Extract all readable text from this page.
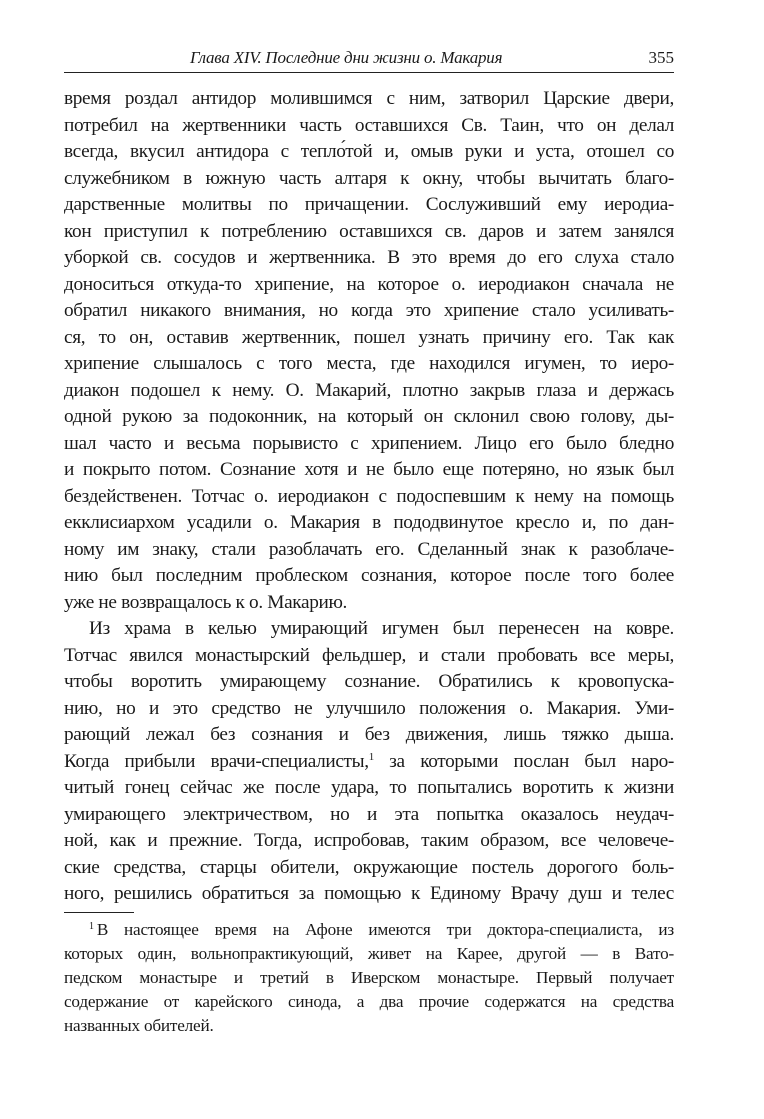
Глава XIV. Последние дни жизни о. Макария	355
время роздал антидор молившимся с ним, затворил Царские двери,
потребил на жертвенники часть оставшихся Св. Таин, что он делал
всегда, вкусил антидора с тепло́той и, омыв руки и уста, отошел со
служебником в южную часть алтаря к окну, чтобы вычитать благо-
дарственные молитвы по причащении. Сослуживший ему иеродиа-
кон приступил к потреблению оставшихся св. даров и затем занялся
уборкой св. сосудов и жертвенника. В это время до его слуха стало
доноситься откуда-то хрипение, на которое о. иеродиакон сначала не
обратил никакого внимания, но когда это хрипение стало усиливать-
ся, то он, оставив жертвенник, пошел узнать причину его. Так как
хрипение слышалось с того места, где находился игумен, то иеро-
диакон подошел к нему. О. Макарий, плотно закрыв глаза и держась
одной рукою за подоконник, на который он склонил свою голову, ды-
шал часто и весьма порывисто с хрипением. Лицо его было бледно
и покрыто потом. Сознание хотя и не было еще потеряно, но язык был
бездейственен. Тотчас о. иеродиакон с подоспевшим к нему на помощь
екклисиархом усадили о. Макария в пододвинутое кресло и, по дан-
ному им знаку, стали разоблачать его. Сделанный знак к разоблаче-
нию был последним проблеском сознания, которое после того более
уже не возвращалось к о. Макарию.
Из храма в келью умирающий игумен был перенесен на ковре.
Тотчас явился монастырский фельдшер, и стали пробовать все меры,
чтобы воротить умирающему сознание. Обратились к кровопуска-
нию, но и это средство не улучшило положения о. Макария. Уми-
рающий лежал без сознания и без движения, лишь тяжко дыша.
Когда прибыли врачи-специалисты,$^1$ за которыми послан был наро-
читый гонец сейчас же после удара, то попытались воротить к жизни
умирающего электричеством, но и эта попытка оказалось неудач-
ной, как и прежние. Тогда, испробовав, таким образом, все человече-
ские средства, старцы обители, окружающие постель дорогого боль-
ного, решились обратиться за помощью к Единому Врачу душ и телес
$^1$ В настоящее время на Афоне имеются три доктора-специалиста, из
которых один, вольнопрактикующий, живет на Карее, другой — в Вато-
педском монастыре и третий в Иверском монастыре. Первый получает
содержание от карейского синода, а два прочие содержатся на средства
названных обителей.
